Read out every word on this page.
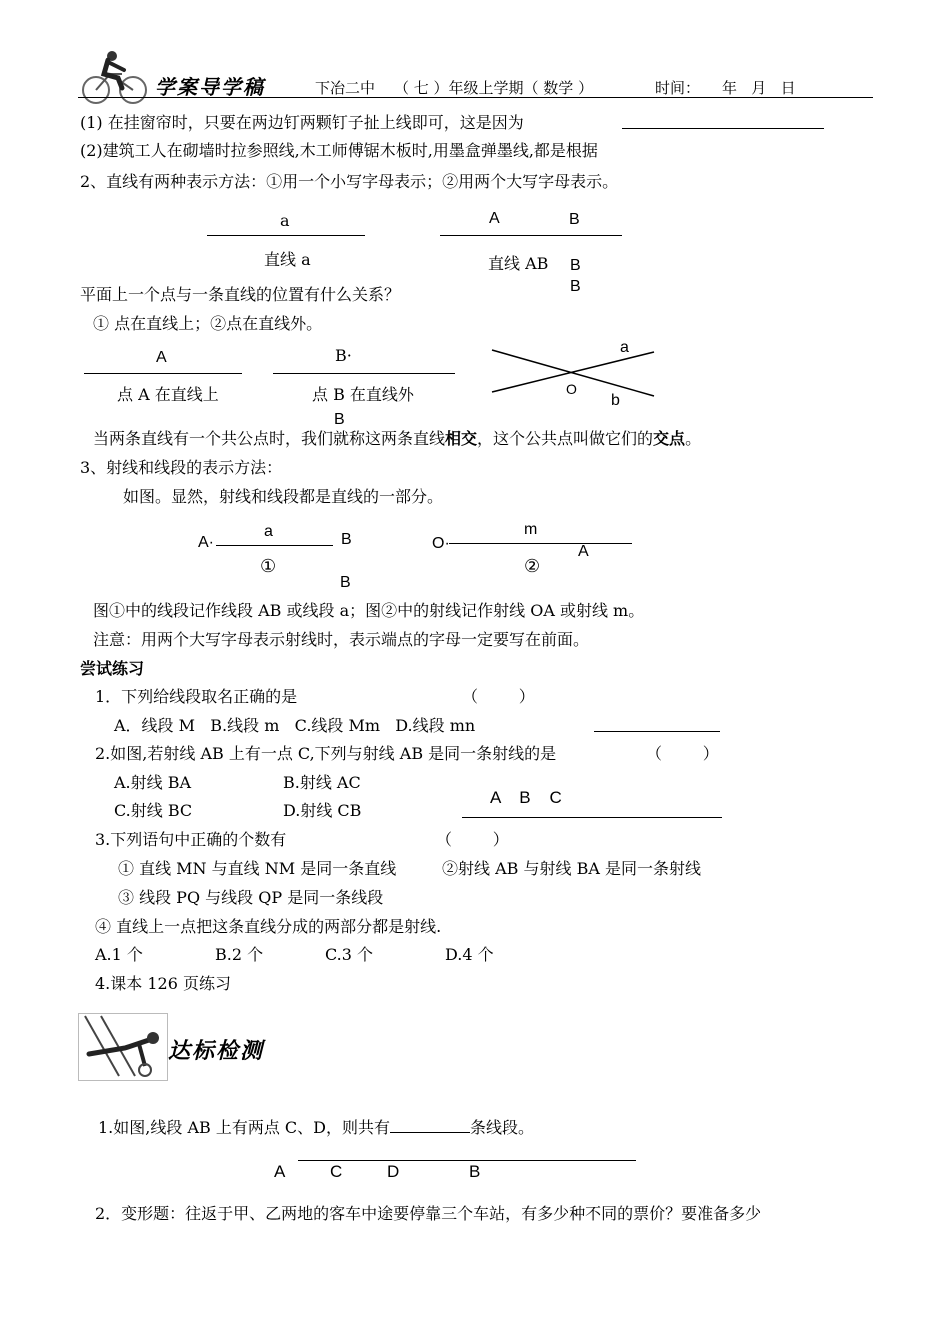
学案导学稿	下冶二中 （ 七 ）年级上学期（ 数学 ）	时间： 年   月   日
(1) 在挂窗帘时，只要在两边钉两颗钉子扯上线即可，这是因为
(2)建筑工人在砌墙时拉参照线,木工师傅锯木板时,用墨盒弹墨线,都是根据
2、直线有两种表示方法：①用一个小写字母表示；②用两个大写字母表示。
a
直线 a
A	B
直线 AB B
B
平面上一个点与一条直线的位置有什么关系？
① 点在直线上；②点在直线外。
A
点 A 在直线上
B·
点 B 在直线外
B
a
O
b
当两条直线有一个共公点时，我们就称这两条直线相交，这个公共点叫做它们的交点。
3、射线和线段的表示方法：
如图。显然，射线和线段都是直线的一部分。
A·
a	B
①
B
O·
m
A
②
图①中的线段记作线段 AB 或线段 a；图②中的射线记作射线 OA 或射线 m。
注意：用两个大写字母表示射线时，表示端点的字母一定要写在前面。
尝试练习
1．下列给线段取名正确的是	（        ）
A．线段 M   B.线段 m   C.线段 Mm   D.线段 mn
2.如图,若射线 AB 上有一点 C,下列与射线 AB 是同一条射线的是	（        ）
A.射线 BA	B.射线 AC
C.射线 BC	D.射线 CB
A    B    C
3.下列语句中正确的个数有	（        ）
① 直线 MN 与直线 NM 是同一条直线	②射线 AB 与射线 BA 是同一条射线
③ 线段 PQ 与线段 QP 是同一条线段
④ 直线上一点把这条直线分成的两部分都是射线.
A.1 个	B.2 个	C.3 个	D.4 个
4.课本 126 页练习
达标检测
1.如图,线段 AB 上有两点 C、D，则共有	条线段。
A	C	D	B
2．变形题：往返于甲、乙两地的客车中途要停靠三个车站，有多少种不同的票价？要准备多少
